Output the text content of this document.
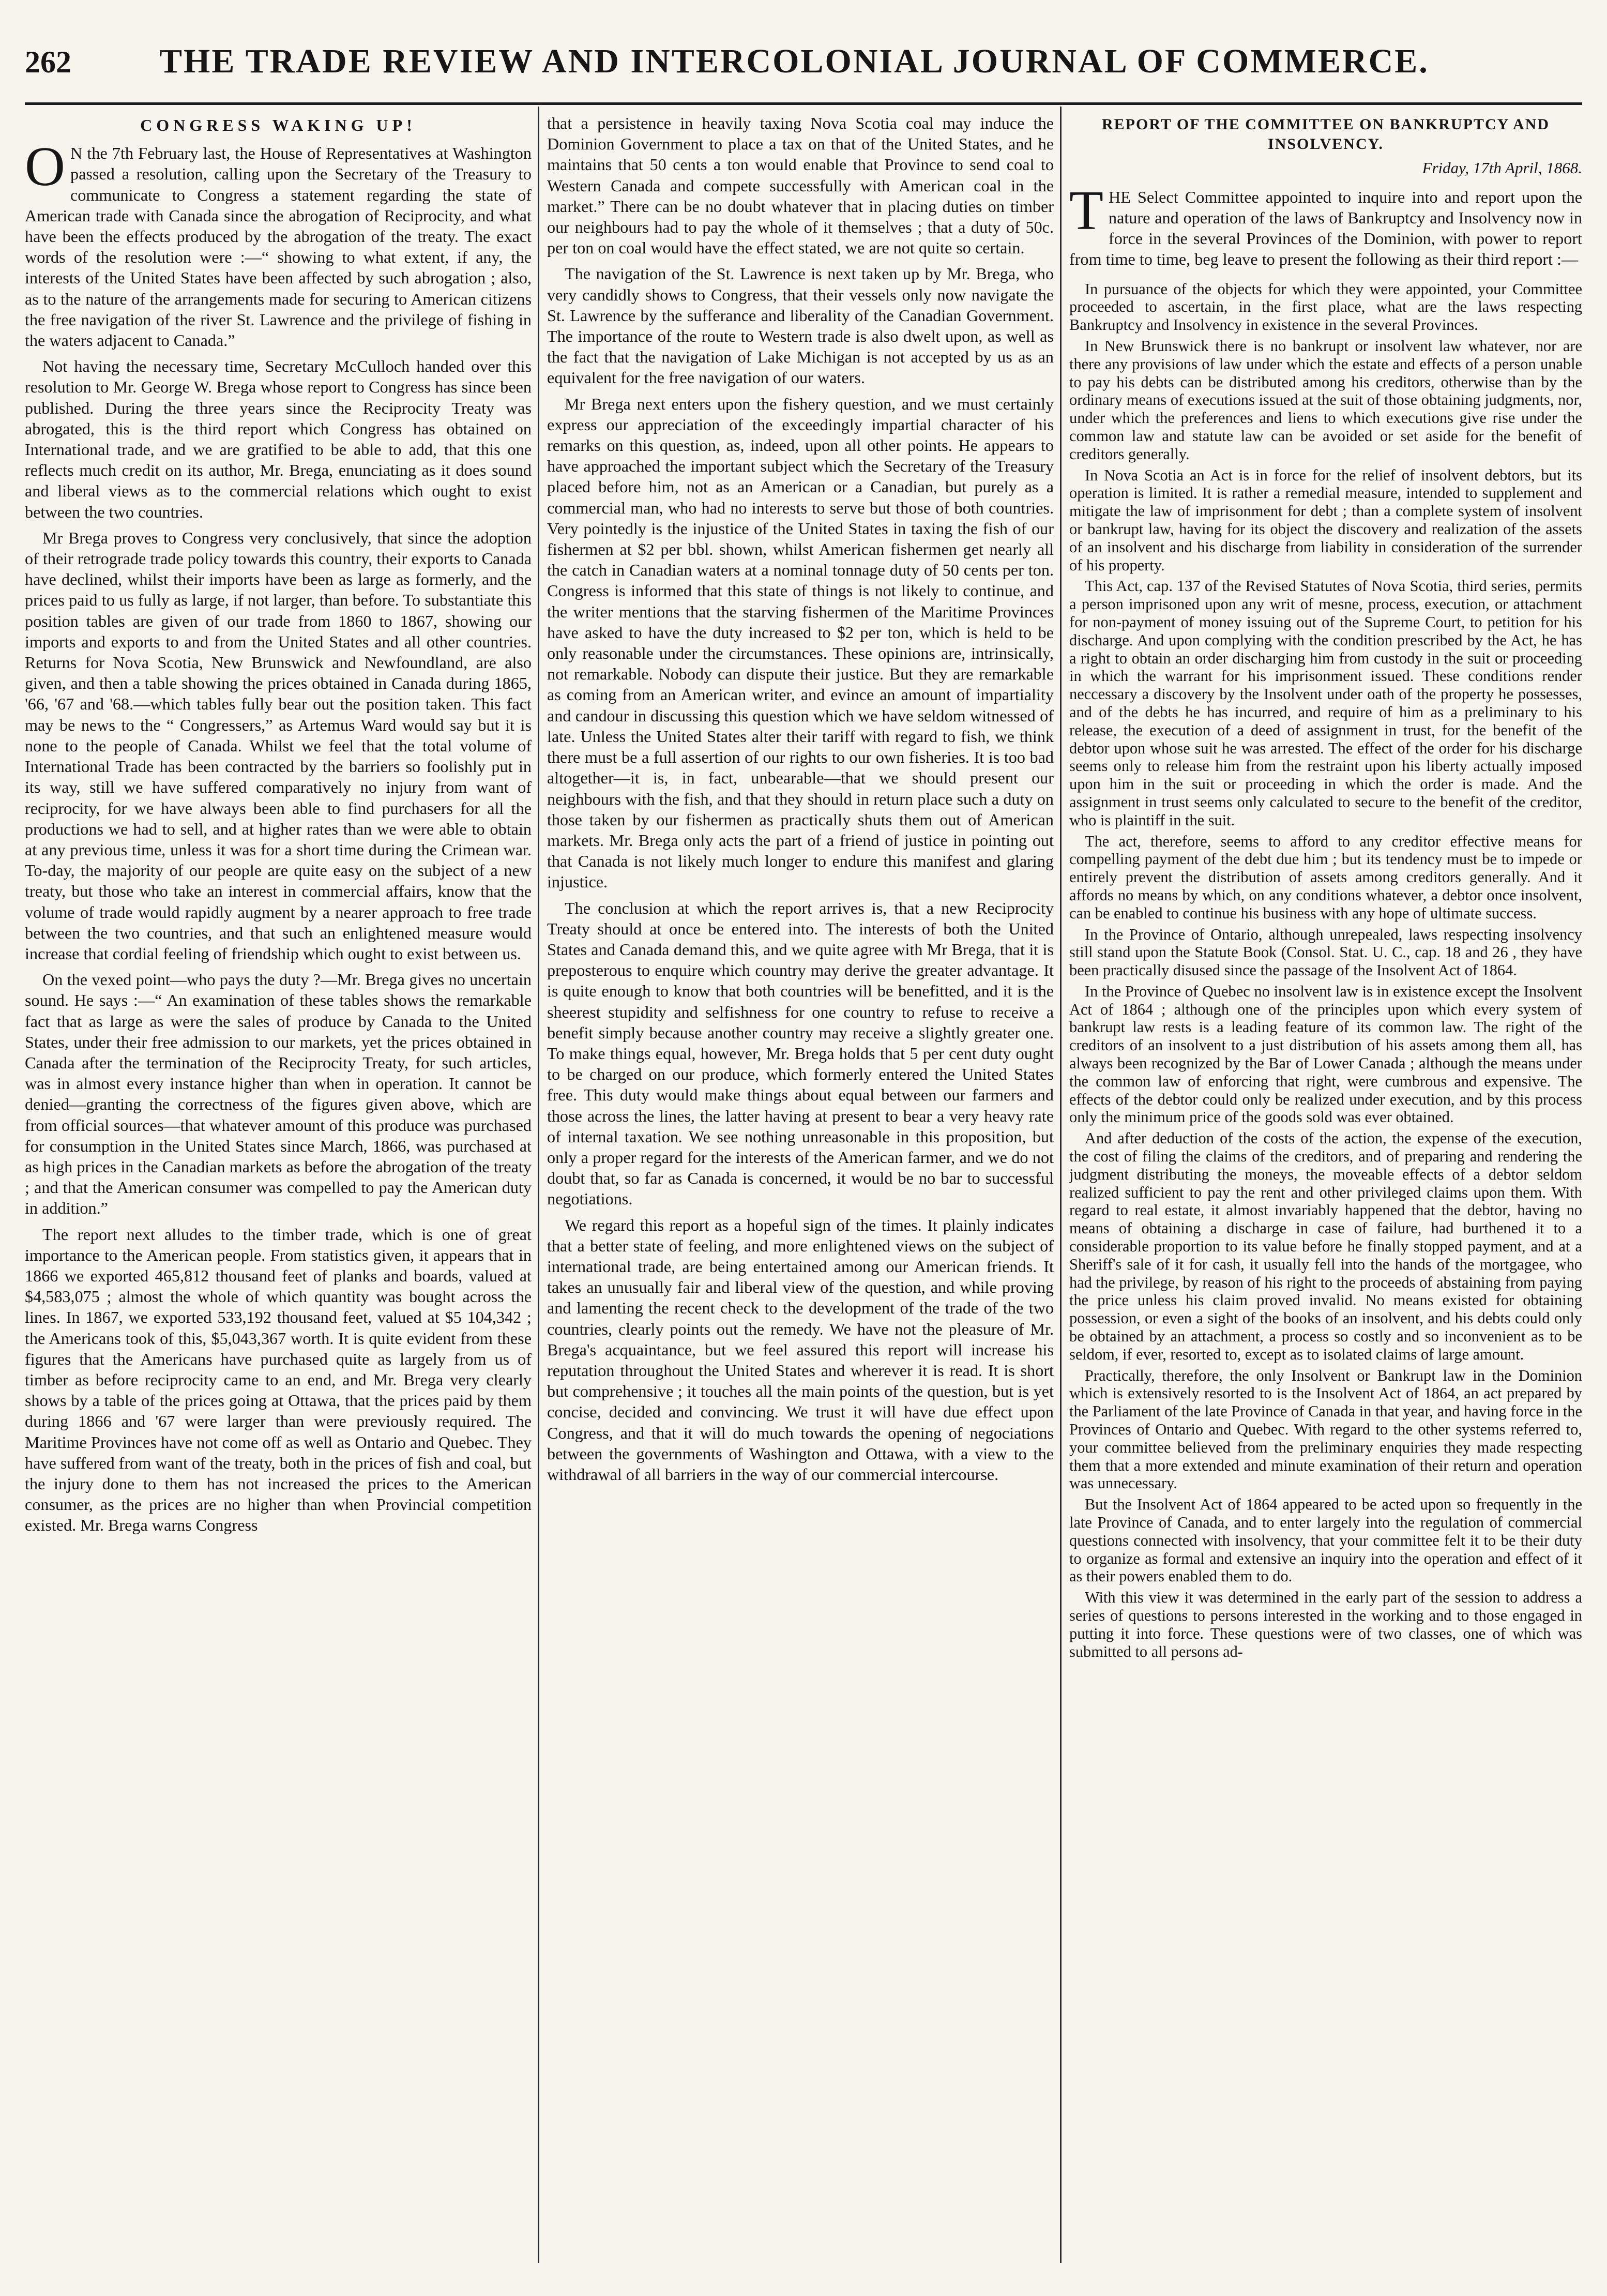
262	THE TRADE REVIEW AND INTERCOLONIAL JOURNAL OF COMMERCE.
CONGRESS WAKING UP!

O N the 7th February last, the House of Representatives at Washington passed a resolution, calling upon the Secretary of the Treasury to communicate to Congress a statement regarding the state of American trade with Canada since the abrogation of Reciprocity, and what have been the effects produced by the abrogation of the treaty. The exact words of the resolution were :—“ showing to what extent, if any, the interests of the United States have been affected by such abrogation ; also, as to the nature of the arrangements made for securing to American citizens the free navigation of the river St. Lawrence and the privilege of fishing in the waters adjacent to Canada.”

Not having the necessary time, Secretary McCulloch handed over this resolution to Mr. George W. Brega whose report to Congress has since been published. During the three years since the Reciprocity Treaty was abrogated, this is the third report which Congress has obtained on International trade, and we are gratified to be able to add, that this one reflects much credit on its author, Mr. Brega, enunciating as it does sound and liberal views as to the commercial relations which ought to exist between the two countries.

Mr Brega proves to Congress very conclusively, that since the adoption of their retrograde trade policy towards this country, their exports to Canada have declined, whilst their imports have been as large as formerly, and the prices paid to us fully as large, if not larger, than before. To substantiate this position tables are given of our trade from 1860 to 1867, showing our imports and exports to and from the United States and all other countries. Returns for Nova Scotia, New Brunswick and Newfoundland, are also given, and then a table showing the prices obtained in Canada during 1865, '66, '67 and '68.—which tables fully bear out the position taken. This fact may be news to the “ Congressers,” as Artemus Ward would say but it is none to the people of Canada. Whilst we feel that the total volume of International Trade has been contracted by the barriers so foolishly put in its way, still we have suffered comparatively no injury from want of reciprocity, for we have always been able to find purchasers for all the productions we had to sell, and at higher rates than we were able to obtain at any previous time, unless it was for a short time during the Crimean war. To-day, the majority of our people are quite easy on the subject of a new treaty, but those who take an interest in commercial affairs, know that the volume of trade would rapidly augment by a nearer approach to free trade between the two countries, and that such an enlightened measure would increase that cordial feeling of friendship which ought to exist between us.

On the vexed point—who pays the duty ?—Mr. Brega gives no uncertain sound. He says :—“ An examination of these tables shows the remarkable fact that as large as were the sales of produce by Canada to the United States, under their free admission to our markets, yet the prices obtained in Canada after the termination of the Reciprocity Treaty, for such articles, was in almost every instance higher than when in operation. It cannot be denied—granting the correctness of the figures given above, which are from official sources—that whatever amount of this produce was purchased for consumption in the United States since March, 1866, was purchased at as high prices in the Canadian markets as before the abrogation of the treaty ; and that the American consumer was compelled to pay the American duty in addition.”

The report next alludes to the timber trade, which is one of great importance to the American people. From statistics given, it appears that in 1866 we exported 465,812 thousand feet of planks and boards, valued at $4,583,075 ; almost the whole of which quantity was bought across the lines. In 1867, we exported 533,192 thousand feet, valued at $5 104,342 ; the Americans took of this, $5,043,367 worth. It is quite evident from these figures that the Americans have purchased quite as largely from us of timber as before reciprocity came to an end, and Mr. Brega very clearly shows by a table of the prices going at Ottawa, that the prices paid by them during 1866 and '67 were larger than were previously required. The Maritime Provinces have not come off as well as Ontario and Quebec. They have suffered from want of the treaty, both in the prices of fish and coal, but the injury done to them has not increased the prices to the American consumer, as the prices are no higher than when Provincial competition existed. Mr. Brega warns Congress

that a persistence in heavily taxing Nova Scotia coal may induce the Dominion Government to place a tax on that of the United States, and he maintains that 50 cents a ton would enable that Province to send coal to Western Canada and compete successfully with American coal in the market.” There can be no doubt whatever that in placing duties on timber our neighbours had to pay the whole of it themselves ; that a duty of 50c. per ton on coal would have the effect stated, we are not quite so certain.

The navigation of the St. Lawrence is next taken up by Mr. Brega, who very candidly shows to Congress, that their vessels only now navigate the St. Lawrence by the sufferance and liberality of the Canadian Government. The importance of the route to Western trade is also dwelt upon, as well as the fact that the navigation of Lake Michigan is not accepted by us as an equivalent for the free navigation of our waters.

Mr Brega next enters upon the fishery question, and we must certainly express our appreciation of the exceedingly impartial character of his remarks on this question, as, indeed, upon all other points. He appears to have approached the important subject which the Secretary of the Treasury placed before him, not as an American or a Canadian, but purely as a commercial man, who had no interests to serve but those of both countries. Very pointedly is the injustice of the United States in taxing the fish of our fishermen at $2 per bbl. shown, whilst American fishermen get nearly all the catch in Canadian waters at a nominal tonnage duty of 50 cents per ton. Congress is informed that this state of things is not likely to continue, and the writer mentions that the starving fishermen of the Maritime Provinces have asked to have the duty increased to $2 per ton, which is held to be only reasonable under the circumstances. These opinions are, intrinsically, not remarkable. Nobody can dispute their justice. But they are remarkable as coming from an American writer, and evince an amount of impartiality and candour in discussing this question which we have seldom witnessed of late. Unless the United States alter their tariff with regard to fish, we think there must be a full assertion of our rights to our own fisheries. It is too bad altogether—it is, in fact, unbearable—that we should present our neighbours with the fish, and that they should in return place such a duty on those taken by our fishermen as practically shuts them out of American markets. Mr. Brega only acts the part of a friend of justice in pointing out that Canada is not likely much longer to endure this manifest and glaring injustice.

The conclusion at which the report arrives is, that a new Reciprocity Treaty should at once be entered into. The interests of both the United States and Canada demand this, and we quite agree with Mr Brega, that it is preposterous to enquire which country may derive the greater advantage. It is quite enough to know that both countries will be benefitted, and it is the sheerest stupidity and selfishness for one country to refuse to receive a benefit simply because another country may receive a slightly greater one. To make things equal, however, Mr. Brega holds that 5 per cent duty ought to be charged on our produce, which formerly entered the United States free. This duty would make things about equal between our farmers and those across the lines, the latter having at present to bear a very heavy rate of internal taxation. We see nothing unreasonable in this proposition, but only a proper regard for the interests of the American farmer, and we do not doubt that, so far as Canada is concerned, it would be no bar to successful negotiations.

We regard this report as a hopeful sign of the times. It plainly indicates that a better state of feeling, and more enlightened views on the subject of international trade, are being entertained among our American friends. It takes an unusually fair and liberal view of the question, and while proving and lamenting the recent check to the development of the trade of the two countries, clearly points out the remedy. We have not the pleasure of Mr. Brega's acquaintance, but we feel assured this report will increase his reputation throughout the United States and wherever it is read. It is short but comprehensive ; it touches all the main points of the question, but is yet concise, decided and convincing. We trust it will have due effect upon Congress, and that it will do much towards the opening of negociations between the governments of Washington and Ottawa, with a view to the withdrawal of all barriers in the way of our commercial intercourse.

REPORT OF THE COMMITTEE ON BANKRUPTCY AND INSOLVENCY.
Friday, 17th April, 1868.

THE Select Committee appointed to inquire into and report upon the nature and operation of the laws of Bankruptcy and Insolvency now in force in the several Provinces of the Dominion, with power to report from time to time, beg leave to present the following as their third report :—

In pursuance of the objects for which they were appointed, your Committee proceeded to ascertain, in the first place, what are the laws respecting Bankruptcy and Insolvency in existence in the several Provinces.

In New Brunswick there is no bankrupt or insolvent law whatever, nor are there any provisions of law under which the estate and effects of a person unable to pay his debts can be distributed among his creditors, otherwise than by the ordinary means of executions issued at the suit of those obtaining judgments, nor, under which the preferences and liens to which executions give rise under the common law and statute law can be avoided or set aside for the benefit of creditors generally.

In Nova Scotia an Act is in force for the relief of insolvent debtors, but its operation is limited. It is rather a remedial measure, intended to supplement and mitigate the law of imprisonment for debt ; than a complete system of insolvent or bankrupt law, having for its object the discovery and realization of the assets of an insolvent and his discharge from liability in consideration of the surrender of his property.

This Act, cap. 137 of the Revised Statutes of Nova Scotia, third series, permits a person imprisoned upon any writ of mesne, process, execution, or attachment for non-payment of money issuing out of the Supreme Court, to petition for his discharge. And upon complying with the condition prescribed by the Act, he has a right to obtain an order discharging him from custody in the suit or proceeding in which the warrant for his imprisonment issued. These conditions render neccessary a discovery by the Insolvent under oath of the property he possesses, and of the debts he has incurred, and require of him as a preliminary to his release, the execution of a deed of assignment in trust, for the benefit of the debtor upon whose suit he was arrested. The effect of the order for his discharge seems only to release him from the restraint upon his liberty actually imposed upon him in the suit or proceeding in which the order is made. And the assignment in trust seems only calculated to secure to the benefit of the creditor, who is plaintiff in the suit.

The act, therefore, seems to afford to any creditor effective means for compelling payment of the debt due him ; but its tendency must be to impede or entirely prevent the distribution of assets among creditors generally. And it affords no means by which, on any conditions whatever, a debtor once insolvent, can be enabled to continue his business with any hope of ultimate success.

In the Province of Ontario, although unrepealed, laws respecting insolvency still stand upon the Statute Book (Consol. Stat. U. C., cap. 18 and 26 , they have been practically disused since the passage of the Insolvent Act of 1864.

In the Province of Quebec no insolvent law is in existence except the Insolvent Act of 1864 ; although one of the principles upon which every system of bankrupt law rests is a leading feature of its common law. The right of the creditors of an insolvent to a just distribution of his assets among them all, has always been recognized by the Bar of Lower Canada ; although the means under the common law of enforcing that right, were cumbrous and expensive. The effects of the debtor could only be realized under execution, and by this process only the minimum price of the goods sold was ever obtained.

And after deduction of the costs of the action, the expense of the execution, the cost of filing the claims of the creditors, and of preparing and rendering the judgment distributing the moneys, the moveable effects of a debtor seldom realized sufficient to pay the rent and other privileged claims upon them. With regard to real estate, it almost invariably happened that the debtor, having no means of obtaining a discharge in case of failure, had burthened it to a considerable proportion to its value before he finally stopped payment, and at a Sheriff's sale of it for cash, it usually fell into the hands of the mortgagee, who had the privilege, by reason of his right to the proceeds of abstaining from paying the price unless his claim proved invalid. No means existed for obtaining possession, or even a sight of the books of an insolvent, and his debts could only be obtained by an attachment, a process so costly and so inconvenient as to be seldom, if ever, resorted to, except as to isolated claims of large amount.

Practically, therefore, the only Insolvent or Bankrupt law in the Dominion which is extensively resorted to is the Insolvent Act of 1864, an act prepared by the Parliament of the late Province of Canada in that year, and having force in the Provinces of Ontario and Quebec. With regard to the other systems referred to, your committee believed from the preliminary enquiries they made respecting them that a more extended and minute examination of their return and operation was unnecessary.

But the Insolvent Act of 1864 appeared to be acted upon so frequently in the late Province of Canada, and to enter largely into the regulation of commercial questions connected with insolvency, that your committee felt it to be their duty to organize as formal and extensive an inquiry into the operation and effect of it as their powers enabled them to do.

With this view it was determined in the early part of the session to address a series of questions to persons interested in the working and to those engaged in putting it into force. These questions were of two classes, one of which was submitted to all persons ad-
